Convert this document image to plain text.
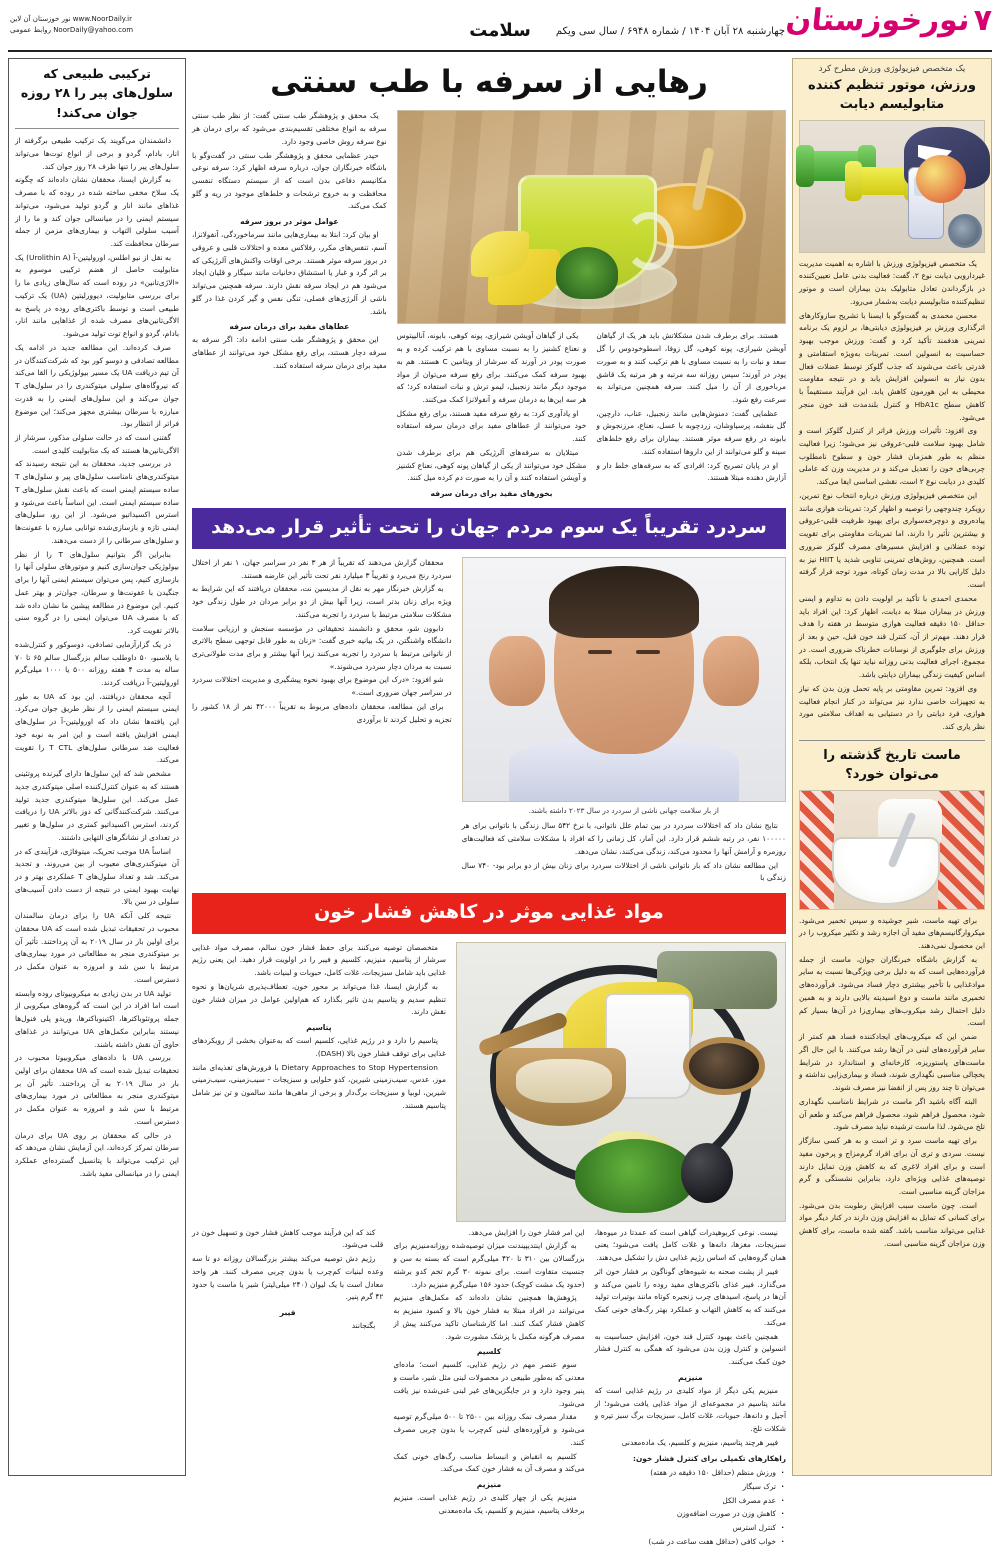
۷
نورخوزستان
چهارشنبه ۲۸ آبان ۱۴۰۴ / شماره ۶۹۴۸ / سال سی ویکم
سلامت
www.NoorDaily.ir نور خوزستان آن لاین
NoorDaily@yahoo.com روابط عمومی
یک متخصص فیزیولوژی ورزش مطرح کرد
ورزش، موتور تنظیم کننده متابولیسم دیابت

یک متخصص فیزیولوژی ورزش با اشاره به اهمیت مدیریت غیردارویی دیابت نوع ۲، گفت: فعالیت بدنی عامل تعیین‌کننده در بازگرداندن تعادل متابولیک بدن بیماران است و موتور تنظیم‌کننده متابولیسم دیابت به‌شمار می‌رود.

محسن محمدی به گفت‌وگو با ایسنا با تشریح سازوکارهای اثرگذاری ورزش بر فیزیولوژی دیابتی‌ها، بر لزوم یک برنامه تمرینی هدفمند تأکید کرد و گفت: ورزش موجب بهبود حساسیت به انسولین است. تمرینات به‌ویژه استقامتی و قدرتی باعث می‌شوند که جذب گلوکز توسط عضلات فعال بدون نیاز به انسولین افزایش یابد و در نتیجه مقاومت محیطی به این هورمون کاهش یابد. این فرآیند مستقیماً با کاهش سطح HbA1c و کنترل بلندمدت قند خون منجر می‌شود.

وی افزود: تأثیرات ورزش فراتر از کنترل گلوکز است و شامل بهبود سلامت قلبی-عروقی نیز می‌شود؛ زیرا فعالیت منظم به طور همزمان فشار خون و سطوح نامطلوب چربی‌های خون را تعدیل می‌کند و در مدیریت وزن که عاملی کلیدی در دیابت نوع ۲ است، نقشی اساسی ایفا می‌کند.

این متخصص فیزیولوژی ورزش درباره انتخاب نوع تمرین، رویکرد چندوجهی را توصیه و اظهار کرد: تمرینات هوازی مانند پیاده‌روی و دوچرخه‌سواری برای بهبود ظرفیت قلبی-عروقی و بیشترین تأثیر را دارند، اما تمرینات مقاومتی برای تقویت توده عضلانی و افزایش مسیرهای مصرف گلوکز ضروری است. همچنین، روش‌های تمرینی تناوبی شدید یا HIIT نیز به دلیل کارایی بالا در مدت زمان کوتاه، مورد توجه قرار گرفته است.

محمدی احمدی با تأکید بر اولویت دادن به تداوم و ایمنی ورزش در بیماران مبتلا به دیابت، اظهار کرد: این افراد باید حداقل ۱۵۰ دقیقه فعالیت هوازی متوسط در هفته را هدف قرار دهند. مهم‌تر از آن، کنترل قند خون قبل، حین و بعد از ورزش برای جلوگیری از نوسانات خطرناک ضروری است. در مجموع، اجرای فعالیت بدنی روزانه نباید تنها یک انتخاب، بلکه اساس کیفیت زندگی بیماران دیابتی باشد.

وی افزود: تمرین مقاومتی بر پایه تحمل وزن بدن که نیاز به تجهیزات خاصی ندارد نیز می‌تواند در کنار انجام فعالیت هوازی، فرد دیابتی را در دستیابی به اهداف سلامتی مورد نظر یاری کند.

ماست تاریخ گذشته را می‌توان خورد؟

برای تهیه ماست، شیر جوشیده و سپس تخمیر می‌شود. میکروارگانیسم‌های مفید آن اجازه رشد و تکثیر میکروب را در این محصول نمی‌دهند.

به گزارش باشگاه خبرنگاران جوان، ماست از جمله فرآورده‌هایی است که به دلیل برخی ویژگی‌ها نسبت به سایر موادغذایی با تأخیر بیشتری دچار فساد می‌شود. فرآورده‌های تخمیری مانند ماست و دوغ اسیدیته بالایی دارند و به همین دلیل احتمال رشد میکروب‌های بیماری‌زا در آن‌ها بسیار کم است.

ضمن این که میکروب‌های ایجادکننده فساد هم کمتر از سایر فرآورده‌های لبنی در آن‌ها رشد می‌کنند. با این حال اگر ماست‌های پاستوریزه، کارخانه‌ای و استاندارد در شرایط یخچالی مناسبی نگهداری شوند، فساد و بیماری‌زایی نداشته و می‌توان تا چند روز پس از انقضا نیز مصرف شوند.

البته آگاه باشید اگر ماست در شرایط نامناسب نگهداری شود، محصول فراهم شود، محصول فراهم می‌کند و طعم آن تلخ می‌شود. لذا ماست ترشیده نباید مصرف شود.

برای تهیه ماست سرد و تر است و به هر کسی سازگار نیست. سردی و تری آن برای افراد گرم‌مزاج و پرخون مفید است و برای افراد لاغری که به کاهش وزن تمایل دارند توصیه‌های غذایی ویژه‌ای دارد، بنابراین نشستگی و گرم مزاجان گزینه مناسبی است.

است. چون ماست سبب افزایش رطوبت بدن می‌شود. برای کسانی که تمایل به افزایش وزن دارند در کنار دیگر مواد غذایی می‌تواند مناسب باشد. گفته شده ماست، برای کاهش وزن مزاجان گزینه مناسبی است.

رهایی از سرفه با طب سنتی

هستند. برای برطرف شدن مشکلاتش باید هر یک از گیاهان آویشن شیرازی، پونه کوهی، گل زوفا، اسطوخودوس را گل سعد و نبات را به نسبت مساوی با هم ترکیب کنند و به صورت پودر در آورند؛ سپس روزانه سه مرتبه و هر مرتبه یک قاشق مرباخوری از آن را میل کنند. سرفه همچنین می‌تواند به سرعت رفع شود.

عظمایی گفت: دمنوش‌هایی مانند زنجبیل، عناب، دارچین، گل بنفشه، پرسیاوشان، زردچوبه با عسل، نعناع، مرزنجوش و بابونه در رفع سرفه موثر هستند. بیماران برای رفع خلط‌های سینه و گلو می‌توانند از این داروها استفاده کنند.

او در پایان تصریح کرد: افرادی که به سرفه‌های خلط دار و آزارش دهنده مبتلا هستند.

یکی از گیاهان آویشن شیرازی، پونه کوهی، بابونه، آنالیپتوس و نعناع کشنیز را به نسبت مساوی با هم ترکیب کرده و به صورت پودر در آورند که سرشار از ویتامین C هستند. هم به بهبود سرفه کمک می‌کنند. برای رفع سرفه می‌توان از مواد موجود دیگر مانند زنجبیل، لیمو ترش و نبات استفاده کرد؛ که هر سه این‌ها به درمان سرفه و آنفولانزا کمک می‌کنند.

او یادآوری کرد: به رفع سرفه مفید هستند، برای رفع مشکل خود می‌توانند از عطاهای مفید برای درمان سرفه استفاده کنند.

مبتلایان به سرفه‌های آلرژیکی هم برای برطرف شدن مشکل خود می‌توانند از یکی از گیاهان پونه کوهی، نعناع کشنیز و آویشن استفاده کنند و آن را به صورت دم کرده میل کنند.

بخورهای مفید برای درمان سرفه

یک محقق و پژوهشگر طب سنتی گفت: از نظر طب سنتی سرفه به انواع مختلفی تقسیم‌بندی می‌شود که برای درمان هر نوع سرفه روش خاصی وجود دارد.

حیدر عظمایی محقق و پژوهشگر طب سنتی در گفت‌وگو با باشگاه خبرنگاران جوان، درباره سرفه اظهار کرد: سرفه نوعی مکانیسم دفاعی بدن است که از سیستم دستگاه تنفسی محافظت و به خروج ترشحات و خلط‌های موجود در ریه و گلو کمک می‌کند.

عوامل موثر در بروز سرفه

او بیان کرد: ابتلا به بیماری‌هایی مانند سرماخوردگی، آنفولانزا، آسم، تنفس‌های مکرر، رفلاکس معده و اختلالات قلبی و عروقی در بروز سرفه موثر هستند. برخی اوقات واکنش‌های آلرژیکی که بر اثر گرد و غبار یا استنشاق دخانیات مانند سیگار و قلیان ایجاد می‌شود هم در ایجاد سرفه نقش دارند. سرفه همچنین می‌تواند ناشی از آلرژی‌های فصلی، تنگی نفس و گیر کردن غذا در گلو باشد.

عطاهای مفید برای درمان سرفه

این محقق و پژوهشگر طب سنتی ادامه داد: اگر سرفه به سرفه دچار هستند، برای رفع مشکل خود می‌توانند از عطاهای مفید برای درمان سرفه استفاده کنند.

سردرد تقریباً یک سوم مردم جهان را تحت تأثیر قرار می‌دهد
از بار سلامت جهانی ناشی از سردرد در سال ۲۰۲۳ داشته باشند.

نتایج نشان داد که اختلالات سردرد در بین تمام علل ناتوانی، با نرخ ۵۴۲ سال زندگی با ناتوانی برای هر ۱۰۰۰۰۰ نفر، در رتبه ششم قرار دارد. این آمار، کل زمانی را که افراد با مشکلات سلامتی که فعالیت‌های روزمره و آرامش آنها را محدود می‌کند، زندگی می‌کنند، نشان می‌دهد.

این مطالعه نشان داد که بار ناتوانی ناشی از اختلالات سردرد برای زنان بیش از دو برابر بود- ۷۴۰ سال زندگی با

محققان گزارش می‌دهند که تقریباً از هر ۳ نفر در سراسر جهان، ۱ نفر از اختلال سردرد رنج می‌برد و تقریباً ۳ میلیارد نفر تحت تأثیر این عارضه هستند.

به گزارش خبرنگار مهر به نقل از مدیسین نت، محققان دریافتند که این شرایط به ویژه برای زنان بدتر است، زیرا آنها بیش از دو برابر مردان در طول زندگی خود مشکلات سلامتی مرتبط با سردرد را تجربه می‌کنند.

دابوون شو، محقق و دانشمند تحقیقاتی در مؤسسه سنجش و ارزیابی سلامت دانشگاه واشنگتن، در یک بیانیه خبری گفت: «زنان به طور قابل توجهی سطح بالاتری از ناتوانی مرتبط با سردرد را تجربه می‌کنند زیرا آنها بیشتر و برای مدت طولانی‌تری نسبت به مردان دچار سردرد می‌شوند.»

شو افزود: «درک این موضوع برای بهبود نحوه پیشگیری و مدیریت اختلالات سردرد در سراسر جهان ضروری است.»

برای این مطالعه، محققان داده‌های مربوط به تقریباً ۴۲۰۰۰ نفر از ۱۸ کشور را تجزیه و تحلیل کردند تا برآوردی

مواد غذایی موثر در کاهش فشار خون

متخصصان توصیه می‌کنند برای حفظ فشار خون سالم، مصرف مواد غذایی سرشار از پتاسیم، منیزیم، کلسیم و فیبر را در اولویت قرار دهید. این یعنی رژیم غذایی باید شامل سبزیجات، غلات کامل، حبوبات و لبنیات باشد.

به گزارش ایسنا، غذا می‌تواند بر محور خون، تعطاف‌پذیری شریان‌ها و نحوه تنظیم سدیم و پتاسیم بدن تاثیر بگذارد که هم‌اولین عوامل در میزان فشار خون نقش دارند.

پتاسیم

پتاسیم را دارد و در رژیم غذایی، کلسیم است که به‌عنوان بخشی از رویکردهای غذایی برای توقف فشار خون بالا (DASH).

Dietary Approaches to Stop Hypertension با فرورش‌های تغذیه‌ای مانند موز، عدس، سیب‌زمینی شیرین، کدو حلوایی و سبزیجات - سیب‌زمینی، سیب‌زمینی شیرین، لوبیا و سبزیجات برگ‌دار و برخی از ماهی‌ها مانند سالمون و تن نیز شامل پتاسیم هستند.

نیست. نوعی کربوهیدرات گیاهی است که عمدتا در میوه‌ها، سبزیجات، مغزها، دانه‌ها و غلات کامل یافت می‌شود؛ یعنی همان گروه‌هایی که اساس رژیم غذایی دش را تشکیل می‌دهند.

فیبر از پشت صحنه به شیوه‌های گوناگون بر فشار خون اثر می‌گذارد. فیبر غذای باکتری‌های مفید روده را تامین می‌کند و آن‌ها در پاسخ، اسیدهای چرب زنجیره کوتاه مانند بوتیرات تولید می‌کنند که به کاهش التهاب و عملکرد بهتر رگ‌های خونی کمک می‌کند.

همچنین باعث بهبود کنترل قند خون، افزایش حساسیت به انسولین و کنترل وزن بدن می‌شود که همگی به کنترل فشار خون کمک می‌کنند.

منیزیم

منیزیم یکی دیگر از مواد کلیدی در رژیم غذایی است که مانند پتاسیم در مجموعه‌ای از مواد غذایی یافت می‌شود؛ از آجیل و دانه‌ها، حبوبات، غلات کامل، سبزیجات برگ سبز تیره و شکلات تلخ.

فیبر هرچند پتاسیم، منیزیم و کلسیم، یک ماده‌معدنی

راهکارهای تکمیلی برای کنترل فشار خون:

. ورزش منظم (حداقل ۱۵۰ دقیقه در هفته)
. ترک سیگار
. عدم مصرف الکل
. کاهش وزن در صورت اضافه‌وزن
. کنترل استرس
. خواب کافی (حداقل هفت ساعت در شب)

این امر فشار خون را افزایش می‌دهد.

به گزارش اینتدیپیندنت میزان توصیه‌شده روزانه‌منیزیم برای بزرگسالان بین ۳۱۰ تا ۴۲۰ میلی‌گرم است که بسته به سن و جنسیت متفاوت است. برای نمونه ۳۰ گرم تخم کدو برشته (حدود یک مشت کوچک) حدود ۱۵۶ میلی‌گرم منیزیم دارد.

پژوهش‌ها همچنین نشان داده‌اند که مکمل‌های منیزیم می‌توانند در افراد مبتلا به فشار خون بالا و کمبود منیزیم به کاهش فشار کمک کنند. اما کارشناسان تاکید می‌کنند پیش از مصرف هرگونه مکمل با پزشک مشورت شود.

کلسیم

سوم عنصر مهم در رژیم غذایی، کلسیم است؛ ماده‌ای معدنی که به‌طور طبیعی در محصولات لبنی مثل شیر، ماست و پنیر وجود دارد و در جایگزین‌های غیر لبنی غنی‌شده نیز یافت می‌شود.

مقدار مصرف نمک روزانه بین ۲۵۰۰ تا ۵۰۰ میلی‌گرم توصیه می‌شود و فرآورده‌های لبنی کم‌چرب یا بدون چربی مصرف کنند.

کلسیم به انقباض و انبساط مناسب رگ‌های خونی کمک می‌کند و مصرف آن به فشار خون کمک می‌کند.

منیزیم

منیزیم یکی از چهار کلیدی در رژیم غذایی است. منیزیم برخلاف پتاسیم، منیزیم و کلسیم، یک ماده‌معدنی

کند که این فرآیند موجب کاهش فشار خون و تسهیل خون در قلب می‌شود.

رژیم دش توصیه می‌کند بیشتر بزرگسالان روزانه دو تا سه وعده لبنیات کم‌چرب یا بدون چربی مصرف کنند. هر واحد معادل است با یک لیوان (۲۴۰ میلی‌لیتر) شیر یا ماست یا حدود ۴۲ گرم پنیر.

فیبر

بگنجانند

ترکیبی طبیعی که سلول‌های پیر را ۲۸ روزه جوان می‌کند!

دانشمندان می‌گویند یک ترکیب طبیعی برگرفته از انار، بادام، گردو و برخی از انواع توت‌ها می‌تواند سلول‌های پیر را تنها ظرف ۲۸ روز جوان کند.

به گزارش ایسنا، محققان نشان داده‌اند که چگونه یک سلاح مخفی ساخته شده در روده که با مصرف غذاهای مانند انار و گردو تولید می‌شود، می‌تواند سیستم ایمنی را در میانسالی جوان کند و ما را از آسیب سلولی التهاب و بیماری‌های مزمن از جمله سرطان محافظت کند.

به نقل از نیو اطلس، اوروليتين-آ (Urolithin A) یک متابولیت حاصل از هضم ترکیبی موسوم به «الاژی‌تانین» در روده است که سال‌های زیادی ما را برای بررسی متابولیت، دیوورلیتین (UA) یک ترکیب طبیعی است و توسط باکتری‌های روده در پاسخ به الاگی‌تانین‌های مصرف شده از غذاهایی مانند انار، بادام، گردو و انواع توت تولید می‌شود.

صرف کرده‌اند. این مطالعه جدید در ادامه یک مطالعه تصادفی و دوسو کور بود که شرکت‌کنندگان در آن تیم دریافت UA یک مسیر بیولوژیکی را القا می‌کند که نیروگاه‌های سلولی میتوکندری را در سلول‌های T جوان می‌کند و این سلول‌های ایمنی را به قدرت مبارزه با سرطان بیشتری مجهز می‌کند؛ این موضوع فراتر از انتظار بود.

گفتنی است که در حالت سلولی مذکور، سرشار از الاگی‌تانین‌ها هستند که یک متابولیت کلیدی است.

در بررسی جدید، محققان به این نتیجه رسیدند که میتوکندری‌های نامناسب سلول‌های پیر و سلول‌های T ساده سیستم ایمنی است که باعث نقش سلول‌های T ساده سیستم ایمنی است. این اساساً باعث می‌شود و استرس اکسیداتیو می‌شود. از این رو، سلول‌های ایمنی تازه و بازسازی‌شده توانایی مبارزه با عفونت‌ها و سلول‌های سرطانی را از دست می‌دهند.

بنابراین اگر بتوانیم سلول‌های T را از نظر بیولوژیکی جوان‌سازی کنیم و موتورهای سلولی آنها را بازسازی کنیم، پس می‌توان سیستم ایمنی آنها را برای جنگیدن با عفونت‌ها و سرطان، جوان‌تر و بهتر عمل کنیم. این موضوع در مطالعه پیشین ما نشان داده شد که با مصرف UA می‌توان ایمنی را در گروه سنی بالاتر تقویت کرد.

در یک گزارآزمایی تصادفی، دوسوکور و کنترل‌شده با پلاسبو، ۵۰ داوطلب سالم بزرگسال سالم ۶۵ تا ۷۰ ساله به مدت ۴ هفته روزانه ۵۰۰ یا ۱۰۰۰ میلی‌گرم اوروليتين-آ دریافت کردند.

آنچه محققان دریافتند، این بود که UA به طور ایمنی سیستم ایمنی را از نظر طریق جوان می‌کرد. این یافته‌ها نشان داد که اوروليتين-آ در سلول‌های ایمنی افزایش یافته است و این امر به نوبه خود فعالیت ضد سرطانی سلول‌های T CTL را تقویت می‌کند.

مشخص شد که این سلول‌ها دارای گیرنده پروتئینی هستند که به عنوان کنترل‌کننده اصلی میتوکندری جدید عمل می‌کند. این سلول‌ها میتوکندری جدید تولید می‌کنند. شرکت‌کنندگانی که دوز بالاتر UA را دریافت کردند، استرس اکسیداتیو کمتری در سلول‌ها و تغییر در تعدادی از نشانگرهای التهابی داشتند.

اساساً UA موجب تحریک، میتوفاژی، فرآیندی که در آن میتوکندری‌های معیوب از بین می‌روند، و تجدید می‌کند. شد و تعداد سلول‌های T عملکردی بهتر و در نهایت بهبود ایمنی در نتیجه از دست دادن آسیب‌های سلولی در سن بالا.

نتیجه کلی آنکه UA را برای درمان سالمندان محبوب در تحقیقات تبدیل شده است که UA محققان برای اولین بار در سال ۲۰۱۹ به آن پرداختند. تأثیر آن بر میتوکندری منجر به مطالعاتی در مورد بیماری‌های مرتبط با سن شد و امروزه به عنوان مکمل در دسترس است.

توليد UA در بدن زیادی به میکروبیوتای روده وابسته است اما افراد در این است که گروه‌های میکروبی از جمله پروتئوباکترها، اکتینوباکترها، وریدو پلی فنول‌ها نیستند بنابراین مکمل‌های UA می‌توانند در غذاهای حاوی آن نقش داشته باشند.

بررسی UA با داده‌های میکروبیوتا محبوب در تحقیقات تبدیل شده است که UA محققان برای اولین بار در سال ۲۰۱۹ به آن پرداختند. تأثیر آن بر میتوکندری منجر به مطالعاتی در مورد بیماری‌های مرتبط با سن شد و امروزه به عنوان مکمل در دسترس است.

در حالی که محققان بر روی UA برای درمان سرطان تمرکز کرده‌اند، این آزمایش نشان می‌دهد که این ترکیب می‌تواند با پتانسیل گسترده‌ای عملکرد ایمنی را در میانسالی مفید باشد.
